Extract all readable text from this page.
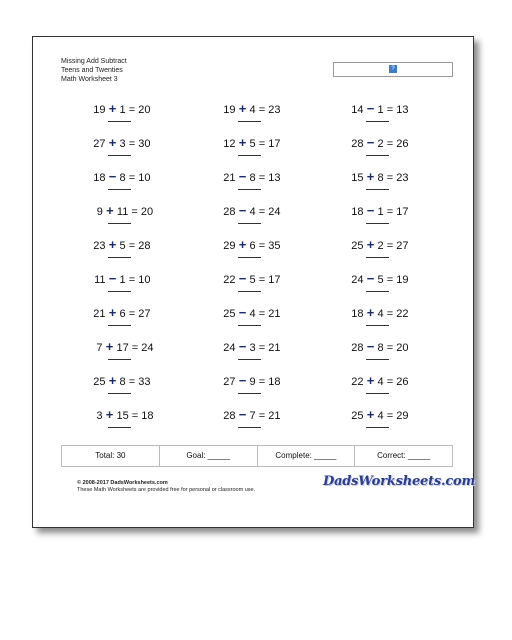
Missing Add Subtract
Teens and Twenties
Math Worksheet 3
?
19 + 1 = 20	19 + 4 = 23	14 − 1 = 13
27 + 3 = 30	12 + 5 = 17	28 − 2 = 26
18 − 8 = 10	21 − 8 = 13	15 + 8 = 23
9 + 11 = 20	28 − 4 = 24	18 − 1 = 17
23 + 5 = 28	29 + 6 = 35	25 + 2 = 27
11 − 1 = 10	22 − 5 = 17	24 − 5 = 19
21 + 6 = 27	25 − 4 = 21	18 + 4 = 22
7 + 17 = 24	24 − 3 = 21	28 − 8 = 20
25 + 8 = 33	27 − 9 = 18	22 + 4 = 26
3 + 15 = 18	28 − 7 = 21	25 + 4 = 29
Total: 30	Goal: _____	Complete: _____	Correct: _____
© 2008-2017 DadsWorksheets.com
These Math Worksheets are provided free for personal or classroom use.
DadsWorksheets.com
